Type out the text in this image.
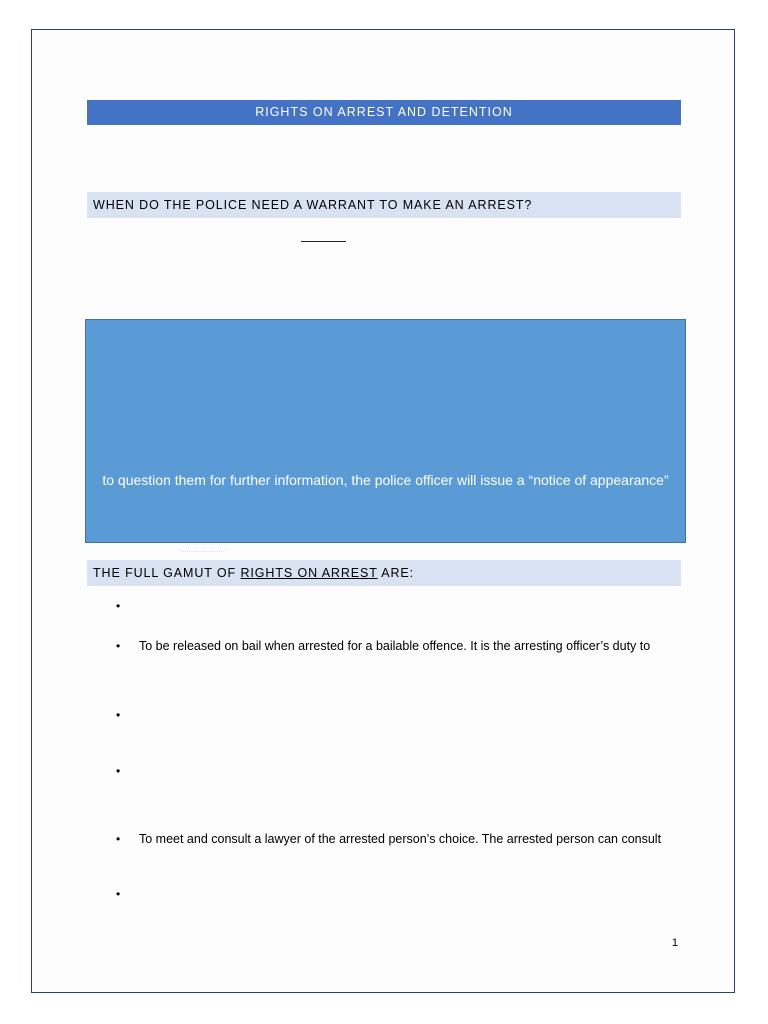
RIGHTS ON ARREST AND DETENTION
WHEN DO THE POLICE NEED A WARRANT TO MAKE AN ARREST?
to question them for further information, the police officer will issue a “notice of appearance”
THE FULL GAMUT OF RIGHTS ON ARREST ARE:
•
•	To be released on bail when arrested for a bailable offence. It is the arresting officer’s duty to
•
•
•	To meet and consult a lawyer of the arrested person’s choice. The arrested person can consult
•
1
